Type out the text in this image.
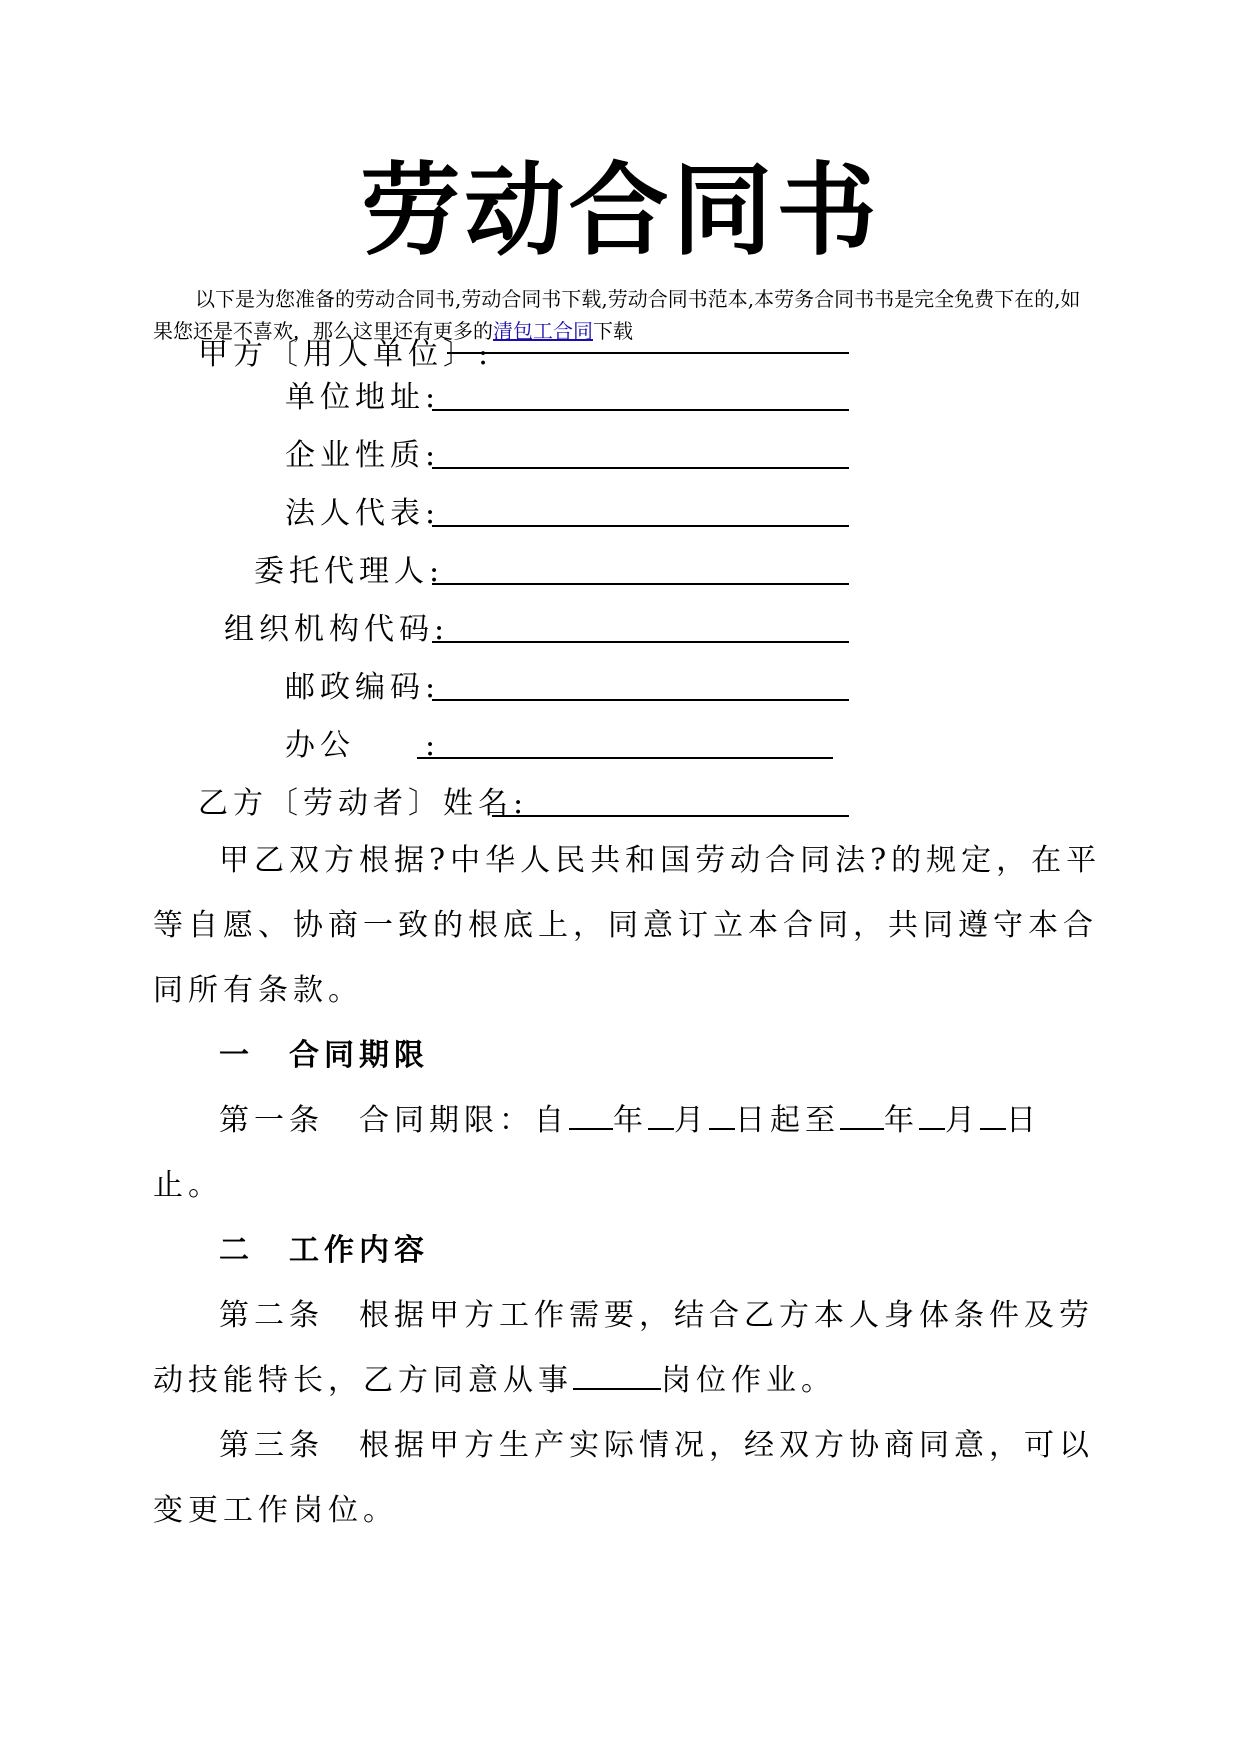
劳动合同书
以下是为您准备的劳动合同书,劳动合同书下载,劳动合同书范本,本劳务合同书书是完全免费下在的,如果您还是不喜欢，那么这里还有更多的清包工合同下载
甲方〔用人单位〕:
单位地址:
企业性质:
法人代表:
委托代理人:
组织机构代码:
邮政编码:
办公　　:
乙方〔劳动者〕姓名:
甲乙双方根据?中华人民共和国劳动合同法?的规定，在平等自愿、协商一致的根底上，同意订立本合同，共同遵守本合同所有条款。
一　合同期限
第一条　合同期限：自 年 月 日起至 年 月 日止。
二　工作内容
第二条　根据甲方工作需要，结合乙方本人身体条件及劳动技能特长，乙方同意从事	岗位作业。
第三条　根据甲方生产实际情况，经双方协商同意，可以变更工作岗位。
